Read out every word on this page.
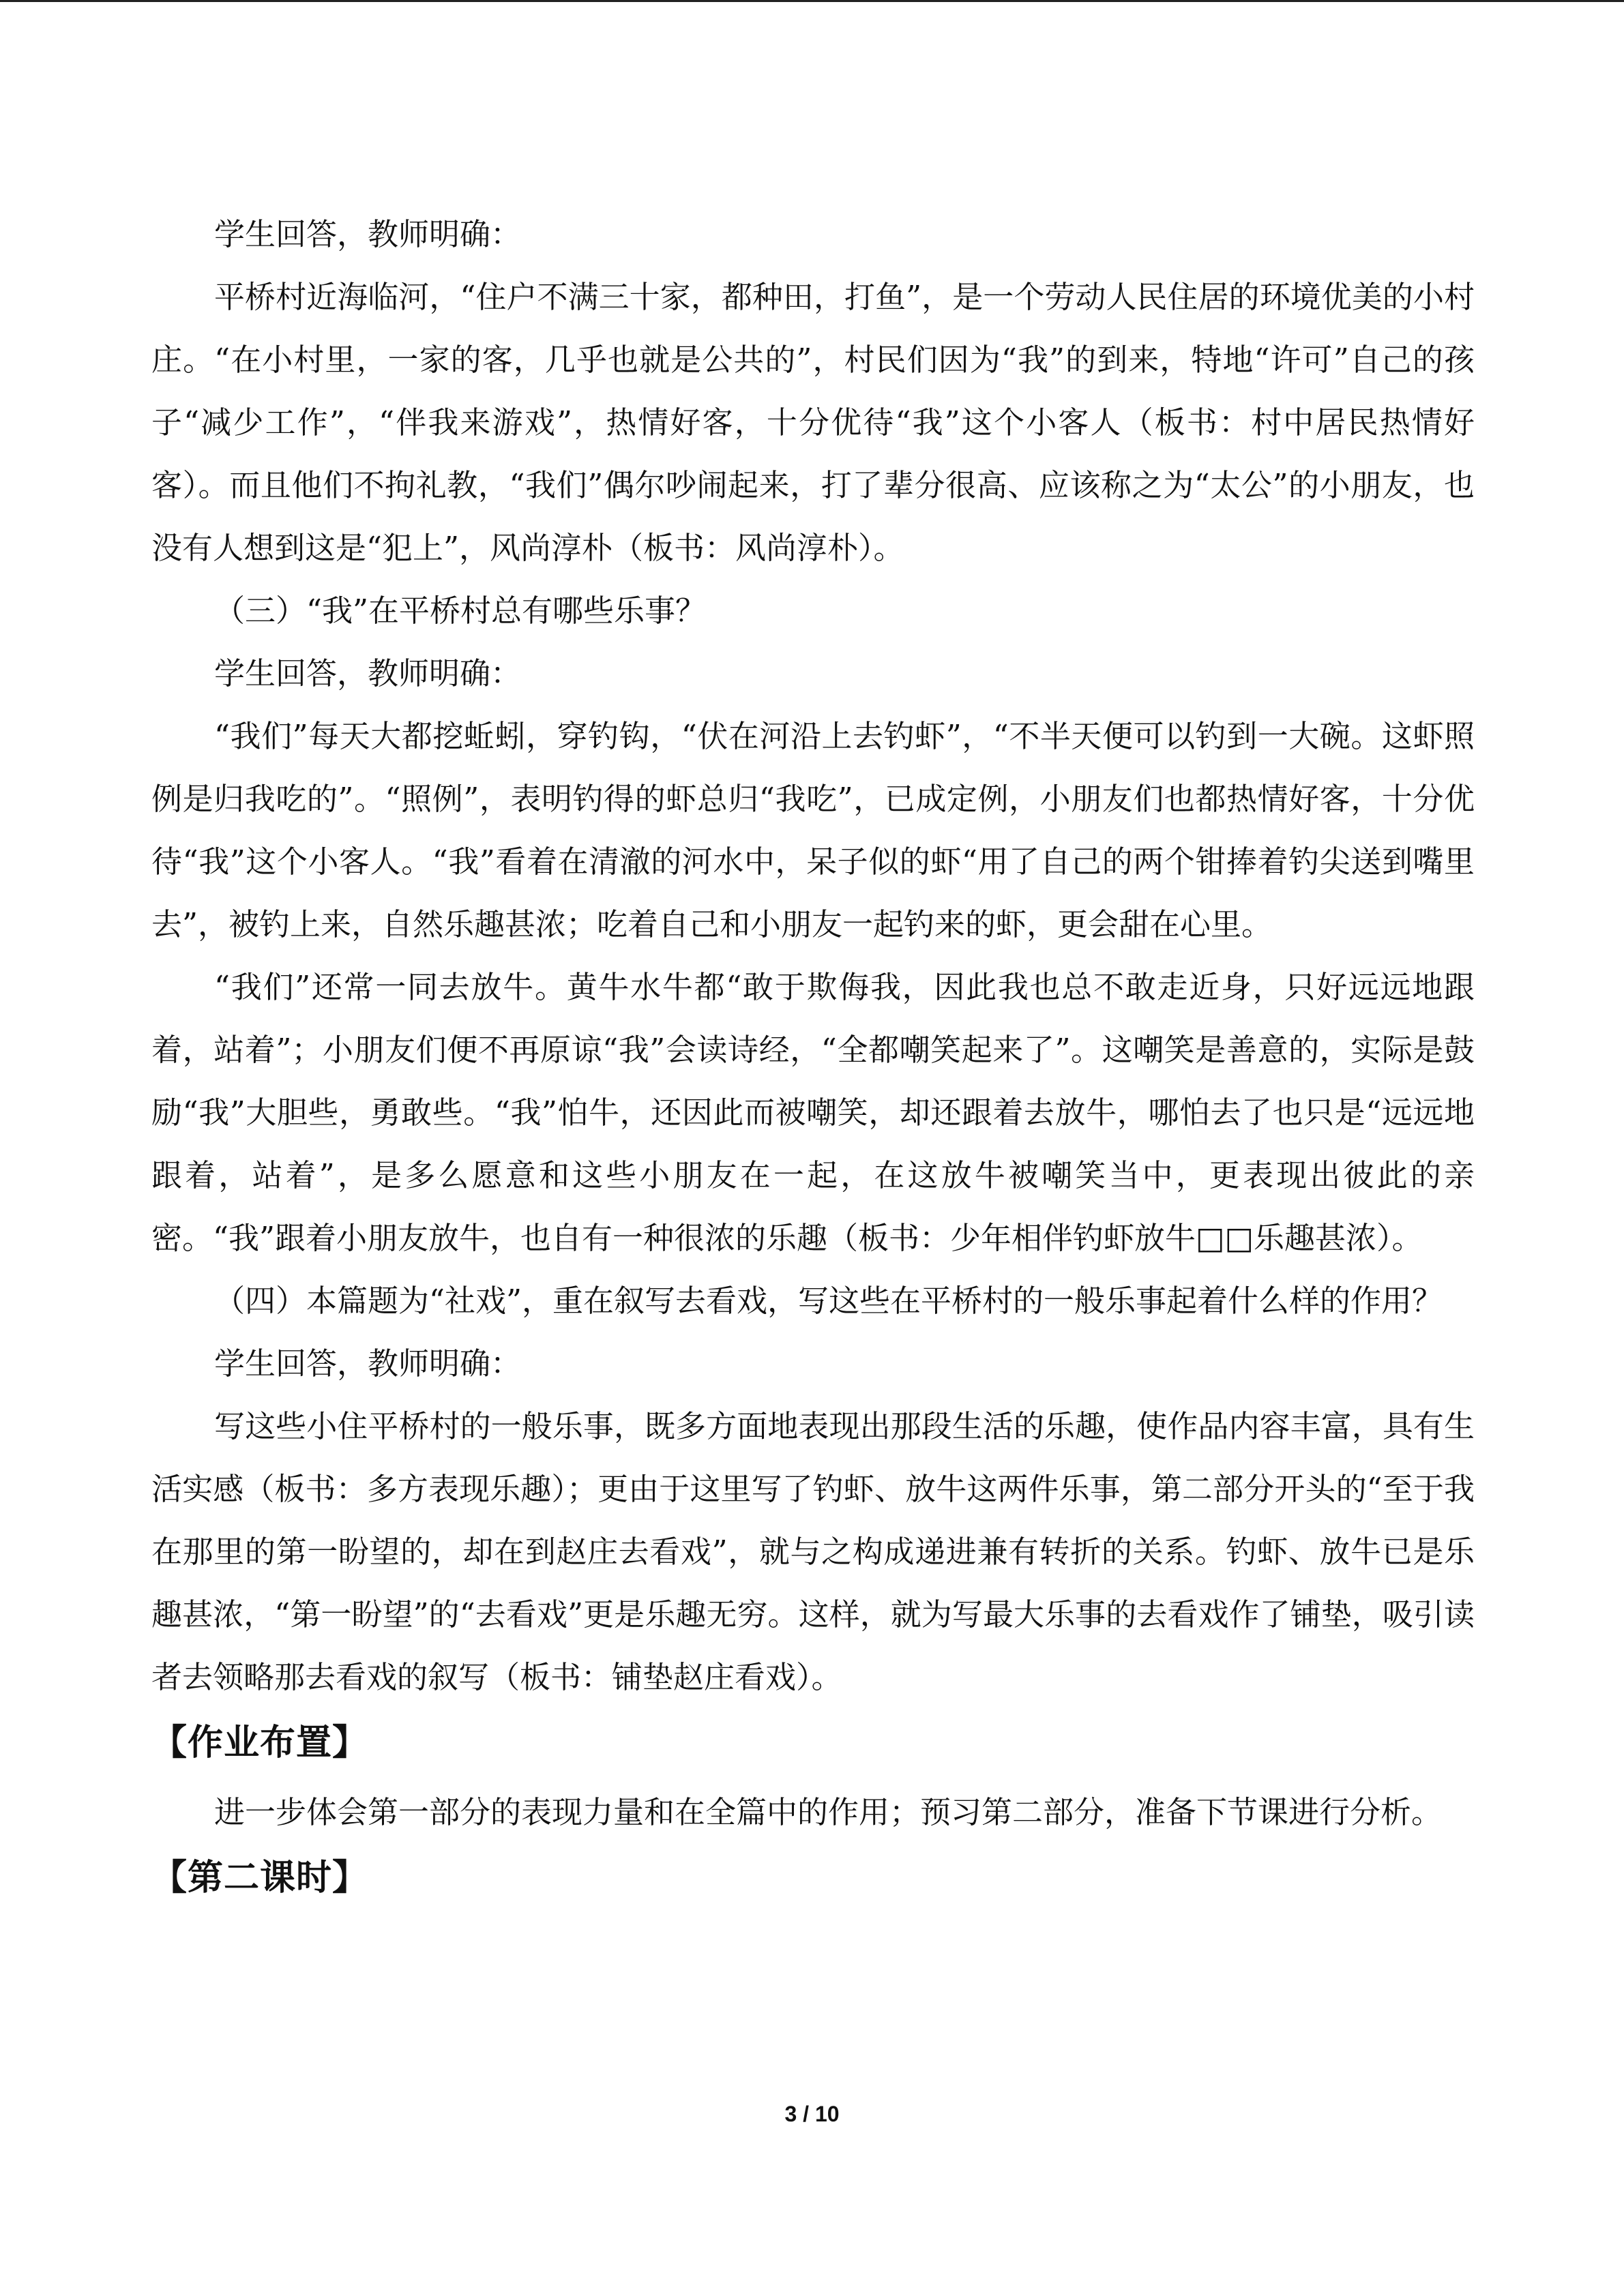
学生回答，教师明确：

平桥村近海临河，“住户不满三十家，都种田，打鱼”，是一个劳动人民住居的环境优美的小村庄。“在小村里，一家的客，几乎也就是公共的”，村民们因为“我”的到来，特地“许可”自己的孩子“减少工作”，“伴我来游戏”，热情好客，十分优待“我”这个小客人（板书：村中居民热情好客）。而且他们不拘礼教，“我们”偶尔吵闹起来，打了辈分很高、应该称之为“太公”的小朋友，也没有人想到这是“犯上”，风尚淳朴（板书：风尚淳朴）。

（三）“我”在平桥村总有哪些乐事？

学生回答，教师明确：

“我们”每天大都挖蚯蚓，穿钓钩，“伏在河沿上去钓虾”，“不半天便可以钓到一大碗。这虾照例是归我吃的”。“照例”，表明钓得的虾总归“我吃”，已成定例，小朋友们也都热情好客，十分优待“我”这个小客人。“我”看着在清澈的河水中，呆子似的虾“用了自己的两个钳捧着钓尖送到嘴里去”，被钓上来，自然乐趣甚浓；吃着自己和小朋友一起钓来的虾，更会甜在心里。

“我们”还常一同去放牛。黄牛水牛都“敢于欺侮我，因此我也总不敢走近身，只好远远地跟着，站着”；小朋友们便不再原谅“我”会读诗经，“全都嘲笑起来了”。这嘲笑是善意的，实际是鼓励“我”大胆些，勇敢些。“我”怕牛，还因此而被嘲笑，却还跟着去放牛，哪怕去了也只是“远远地跟着，站着”，是多么愿意和这些小朋友在一起，在这放牛被嘲笑当中，更表现出彼此的亲密。“我”跟着小朋友放牛，也自有一种很浓的乐趣（板书：少年相伴钓虾放牛□□乐趣甚浓）。

（四）本篇题为“社戏”，重在叙写去看戏，写这些在平桥村的一般乐事起着什么样的作用？

学生回答，教师明确：

写这些小住平桥村的一般乐事，既多方面地表现出那段生活的乐趣，使作品内容丰富，具有生活实感（板书：多方表现乐趣）；更由于这里写了钓虾、放牛这两件乐事，第二部分开头的“至于我在那里的第一盼望的，却在到赵庄去看戏”，就与之构成递进兼有转折的关系。钓虾、放牛已是乐趣甚浓，“第一盼望”的“去看戏”更是乐趣无穷。这样，就为写最大乐事的去看戏作了铺垫，吸引读者去领略那去看戏的叙写（板书：铺垫赵庄看戏）。

【作业布置】

进一步体会第一部分的表现力量和在全篇中的作用；预习第二部分，准备下节课进行分析。

【第二课时】
3 / 10
